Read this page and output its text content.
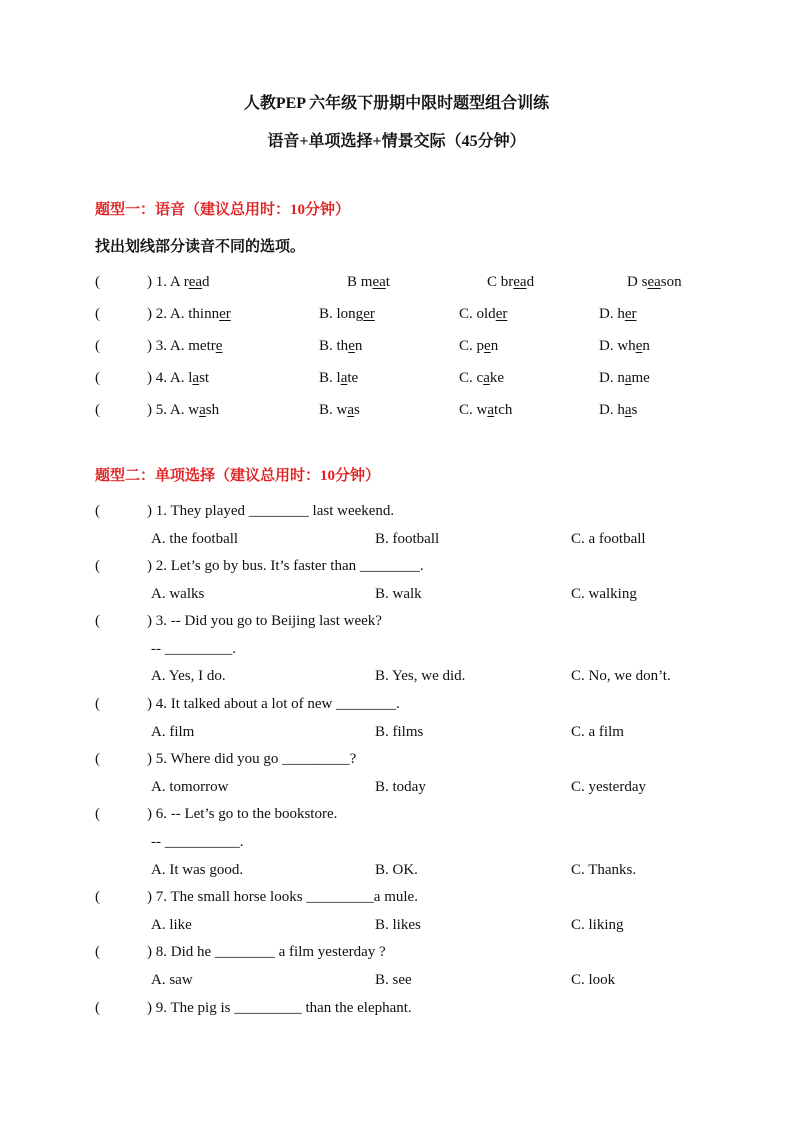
人教PEP 六年级下册期中限时题型组合训练
语音+单项选择+情景交际（45分钟）
题型一：语音（建议总用时：10分钟）
找出划线部分读音不同的选项。
(	) 1. A read	B meat	C bread	D season
(	) 2. A. thinner	B. longer	C. older	D. her
(	) 3. A. metre	B. then	C. pen	D. when
(	) 4. A. last	B. late	C. cake	D. name
(	) 5. A. wash	B. was	C. watch	D. has
题型二：单项选择（建议总用时：10分钟）
(	) 1. They played ________ last weekend.
A. the football	B. football	C. a football
(	) 2. Let’s go by bus. It’s faster than ________.
A. walks	B. walk	C. walking
(	) 3. -- Did you go to Beijing last week?
-- _________.
A. Yes, I do.	B. Yes, we did.	C. No, we don’t.
(	) 4. It talked about a lot of new ________.
A. film	B. films	C. a film
(	) 5. Where did you go _________?
A. tomorrow	B. today	C. yesterday
(	) 6. -- Let’s go to the bookstore.
-- __________.
A. It was good.	B. OK.	C. Thanks.
(	) 7. The small horse looks _________a mule.
A. like	B. likes	C. liking
(	) 8. Did he ________ a film yesterday ?
A. saw	B. see	C. look
(	) 9. The pig is _________ than the elephant.
